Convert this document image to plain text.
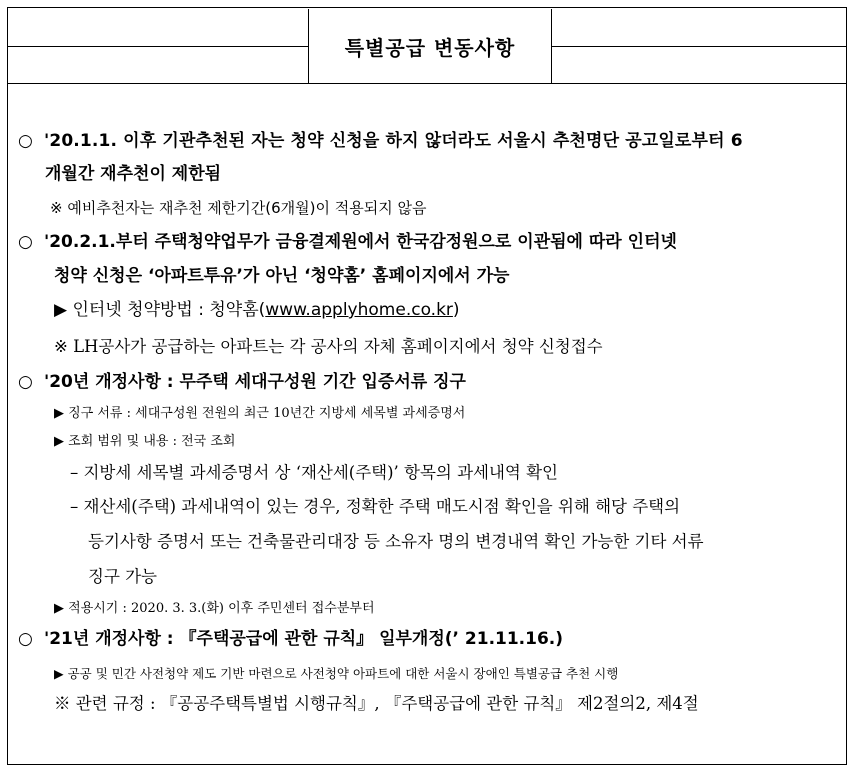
특별공급 변동사항
○ '20.1.1. 이후 기관추천된 자는 청약 신청을 하지 않더라도 서울시 추천명단 공고일로부터 6
개월간 재추천이 제한됨
※ 예비추천자는 재추천 제한기간(6개월)이 적용되지 않음
○ '20.2.1.부터 주택청약업무가 금융결제원에서 한국감정원으로 이관됨에 따라 인터넷
청약 신청은 ‘아파트투유’가 아닌 ‘청약홈’ 홈페이지에서 가능
▶ 인터넷 청약방법 : 청약홈(www.applyhome.co.kr)
※ LH공사가 공급하는 아파트는 각 공사의 자체 홈페이지에서 청약 신청접수
○ '20년 개정사항 : 무주택 세대구성원 기간 입증서류 징구
▶ 징구 서류 : 세대구성원 전원의 최근 10년간 지방세 세목별 과세증명서
▶ 조회 범위 및 내용 : 전국 조회
– 지방세 세목별 과세증명서 상 ‘재산세(주택)’ 항목의 과세내역 확인
– 재산세(주택) 과세내역이 있는 경우, 정확한 주택 매도시점 확인을 위해 해당 주택의
등기사항 증명서 또는 건축물관리대장 등 소유자 명의 변경내역 확인 가능한 기타 서류
징구 가능
▶ 적용시기 : 2020. 3. 3.(화) 이후 주민센터 접수분부터
○ '21년 개정사항 : 『주택공급에 관한 규칙』 일부개정(’ 21.11.16.)
▶ 공공 및 민간 사전청약 제도 기반 마련으로 사전청약 아파트에 대한 서울시 장애인 특별공급 추천 시행
※ 관련 규정 : 『공공주택특별법 시행규칙』, 『주택공급에 관한 규칙』 제2절의2, 제4절
